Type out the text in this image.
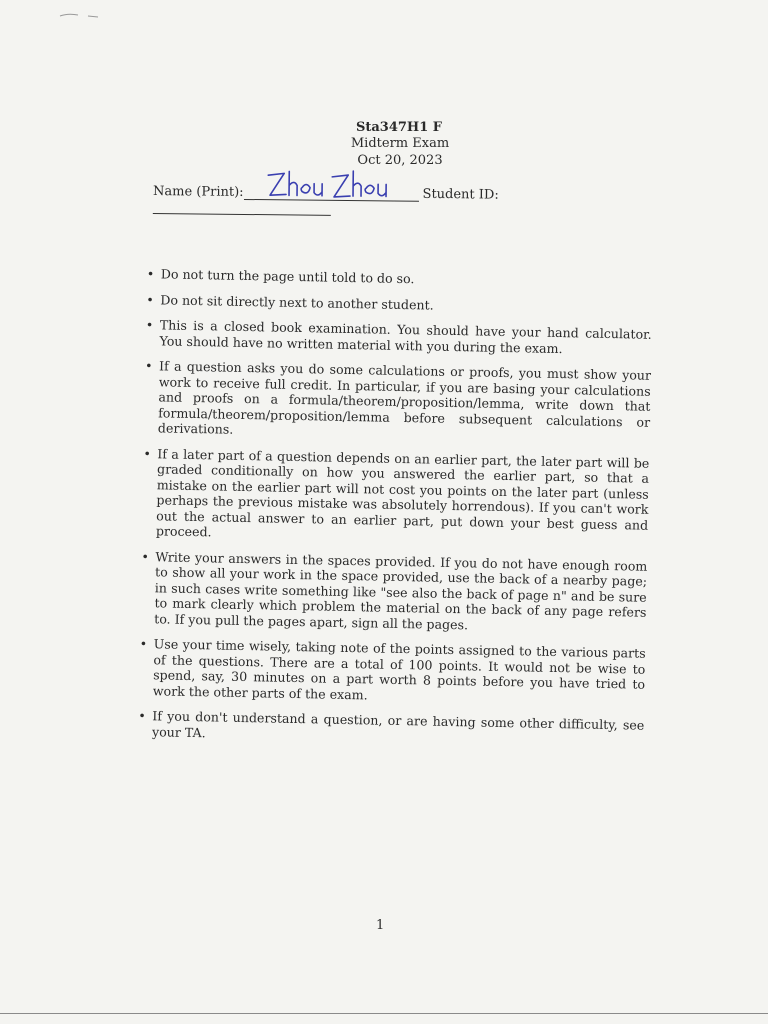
Sta347H1 F
Midterm Exam
Oct 20, 2023
Name (Print):	Student ID:
• Do not turn the page until told to do so.
• Do not sit directly next to another student.
• This is a closed book examination. You should have your hand calculator. You should have no written material with you during the exam.
• If a question asks you do some calculations or proofs, you must show your work to receive full credit. In particular, if you are basing your calculations and proofs on a formula/theorem/proposition/lemma, write down that formula/theorem/proposition/lemma before subsequent calculations or derivations.
• If a later part of a question depends on an earlier part, the later part will be graded conditionally on how you answered the earlier part, so that a mistake on the earlier part will not cost you points on the later part (unless perhaps the previous mistake was absolutely horrendous). If you can't work out the actual answer to an earlier part, put down your best guess and proceed.
• Write your answers in the spaces provided. If you do not have enough room to show all your work in the space provided, use the back of a nearby page; in such cases write something like "see also the back of page n" and be sure to mark clearly which problem the material on the back of any page refers to. If you pull the pages apart, sign all the pages.
• Use your time wisely, taking note of the points assigned to the various parts of the questions. There are a total of 100 points. It would not be wise to spend, say, 30 minutes on a part worth 8 points before you have tried to work the other parts of the exam.
• If you don't understand a question, or are having some other difficulty, see your TA.
1
